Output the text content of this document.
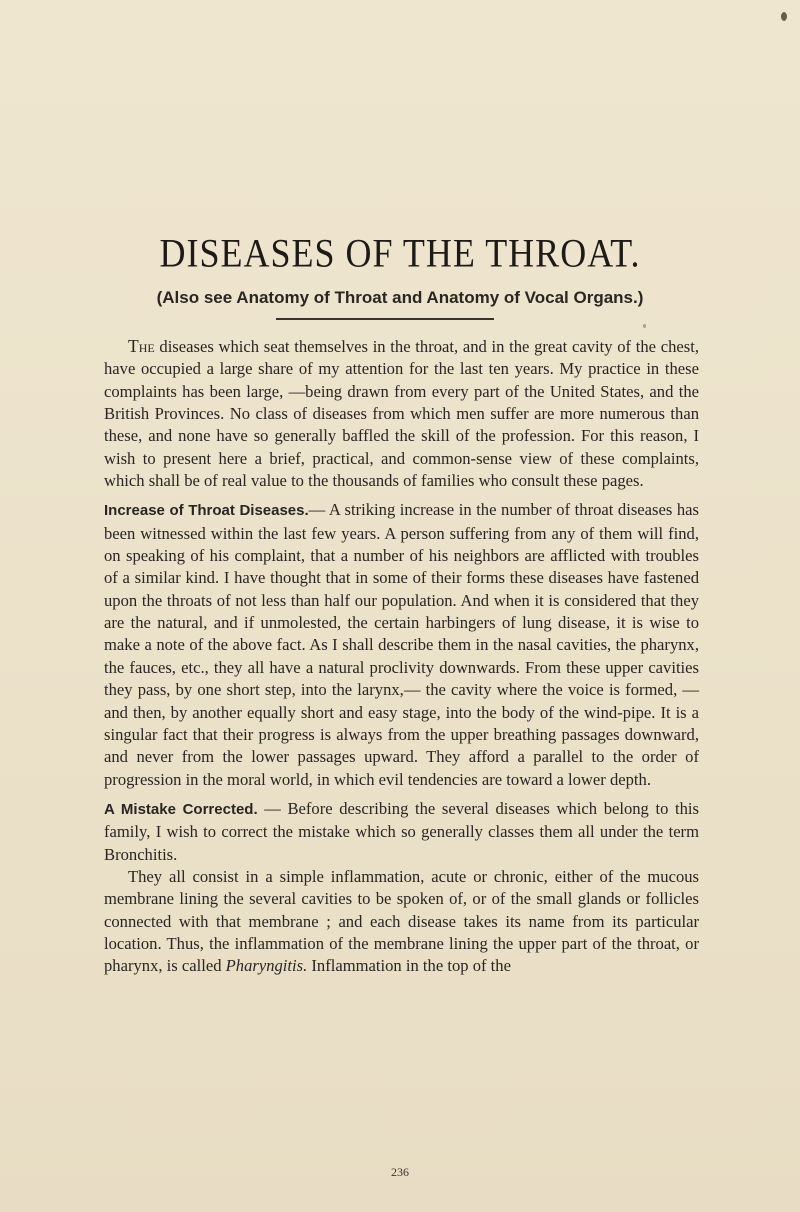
DISEASES OF THE THROAT.
(Also see Anatomy of Throat and Anatomy of Vocal Organs.)

The diseases which seat themselves in the throat, and in the great cavity of the chest, have occupied a large share of my attention for the last ten years. My practice in these complaints has been large, —being drawn from every part of the United States, and the British Provinces. No class of diseases from which men suffer are more numerous than these, and none have so generally baffled the skill of the profession. For this reason, I wish to present here a brief, practical, and common-sense view of these complaints, which shall be of real value to the thousands of families who consult these pages.

Increase of Throat Diseases.— A striking increase in the number of throat diseases has been witnessed within the last few years. A person suffering from any of them will find, on speaking of his complaint, that a number of his neighbors are afflicted with troubles of a similar kind. I have thought that in some of their forms these diseases have fastened upon the throats of not less than half our population. And when it is considered that they are the natural, and if unmolested, the certain harbingers of lung disease, it is wise to make a note of the above fact. As I shall describe them in the nasal cavities, the pharynx, the fauces, etc., they all have a natural proclivity downwards. From these upper cavities they pass, by one short step, into the larynx,— the cavity where the voice is formed, —and then, by another equally short and easy stage, into the body of the wind-pipe. It is a singular fact that their progress is always from the upper breathing passages downward, and never from the lower passages upward. They afford a parallel to the order of progression in the moral world, in which evil tendencies are toward a lower depth.

A Mistake Corrected. — Before describing the several diseases which belong to this family, I wish to correct the mistake which so generally classes them all under the term Bronchitis.

They all consist in a simple inflammation, acute or chronic, either of the mucous membrane lining the several cavities to be spoken of, or of the small glands or follicles connected with that membrane ; and each disease takes its name from its particular location. Thus, the inflammation of the membrane lining the upper part of the throat, or pharynx, is called Pharyngitis. Inflammation in the top of the

236
